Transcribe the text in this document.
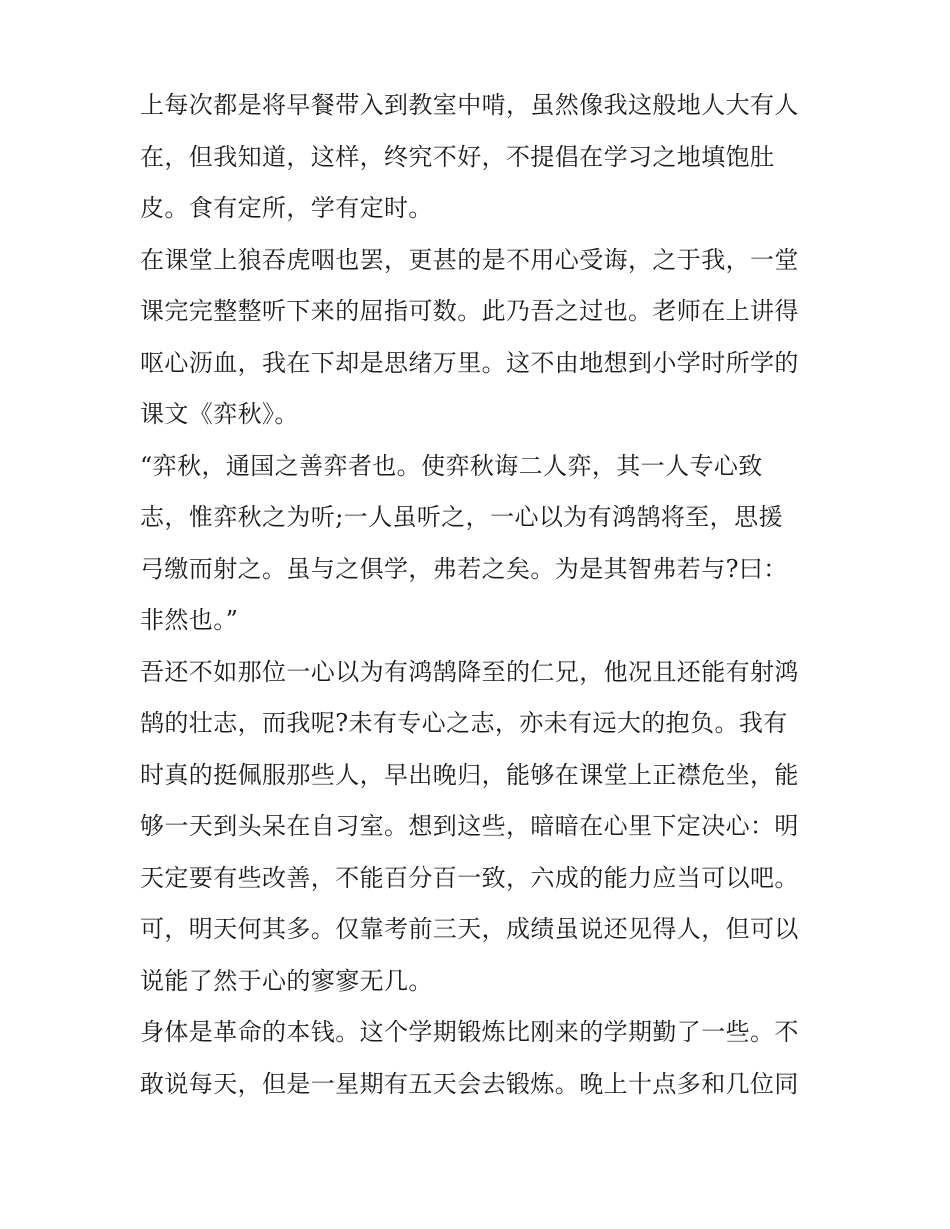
上每次都是将早餐带入到教室中啃，虽然像我这般地人大有人
在，但我知道，这样，终究不好，不提倡在学习之地填饱肚
皮。食有定所，学有定时。
在课堂上狼吞虎咽也罢，更甚的是不用心受诲，之于我，一堂
课完完整整听下来的屈指可数。此乃吾之过也。老师在上讲得
呕心沥血，我在下却是思绪万里。这不由地想到小学时所学的
课文《弈秋》。
“弈秋，通国之善弈者也。使弈秋诲二人弈，其一人专心致
志，惟弈秋之为听;一人虽听之，一心以为有鸿鹄将至，思援
弓缴而射之。虽与之俱学，弗若之矣。为是其智弗若与?曰：
非然也。”
吾还不如那位一心以为有鸿鹄降至的仁兄，他况且还能有射鸿
鹄的壮志，而我呢?未有专心之志，亦未有远大的抱负。我有
时真的挺佩服那些人，早出晚归，能够在课堂上正襟危坐，能
够一天到头呆在自习室。想到这些，暗暗在心里下定决心：明
天定要有些改善，不能百分百一致，六成的能力应当可以吧。
可，明天何其多。仅靠考前三天，成绩虽说还见得人，但可以
说能了然于心的寥寥无几。
身体是革命的本钱。这个学期锻炼比刚来的学期勤了一些。不
敢说每天，但是一星期有五天会去锻炼。晚上十点多和几位同
